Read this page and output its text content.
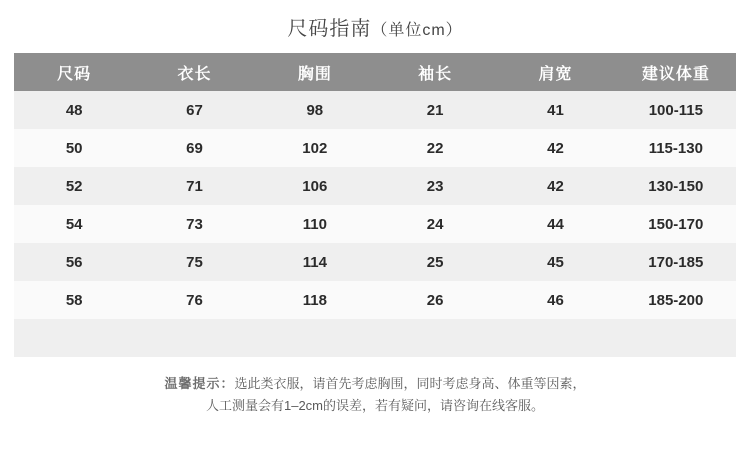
尺码指南（单位cm）
尺码	衣长	胸围	袖长	肩宽	建议体重
48	67	98	21	41	100-115
50	69	102	22	42	115-130
52	71	106	23	42	130-150
54	73	110	24	44	150-170
56	75	114	25	45	170-185
58	76	118	26	46	185-200

温馨提示：选此类衣服，请首先考虑胸围，同时考虑身高、体重等因素，
人工测量会有1–2cm的误差，若有疑问，请咨询在线客服。
